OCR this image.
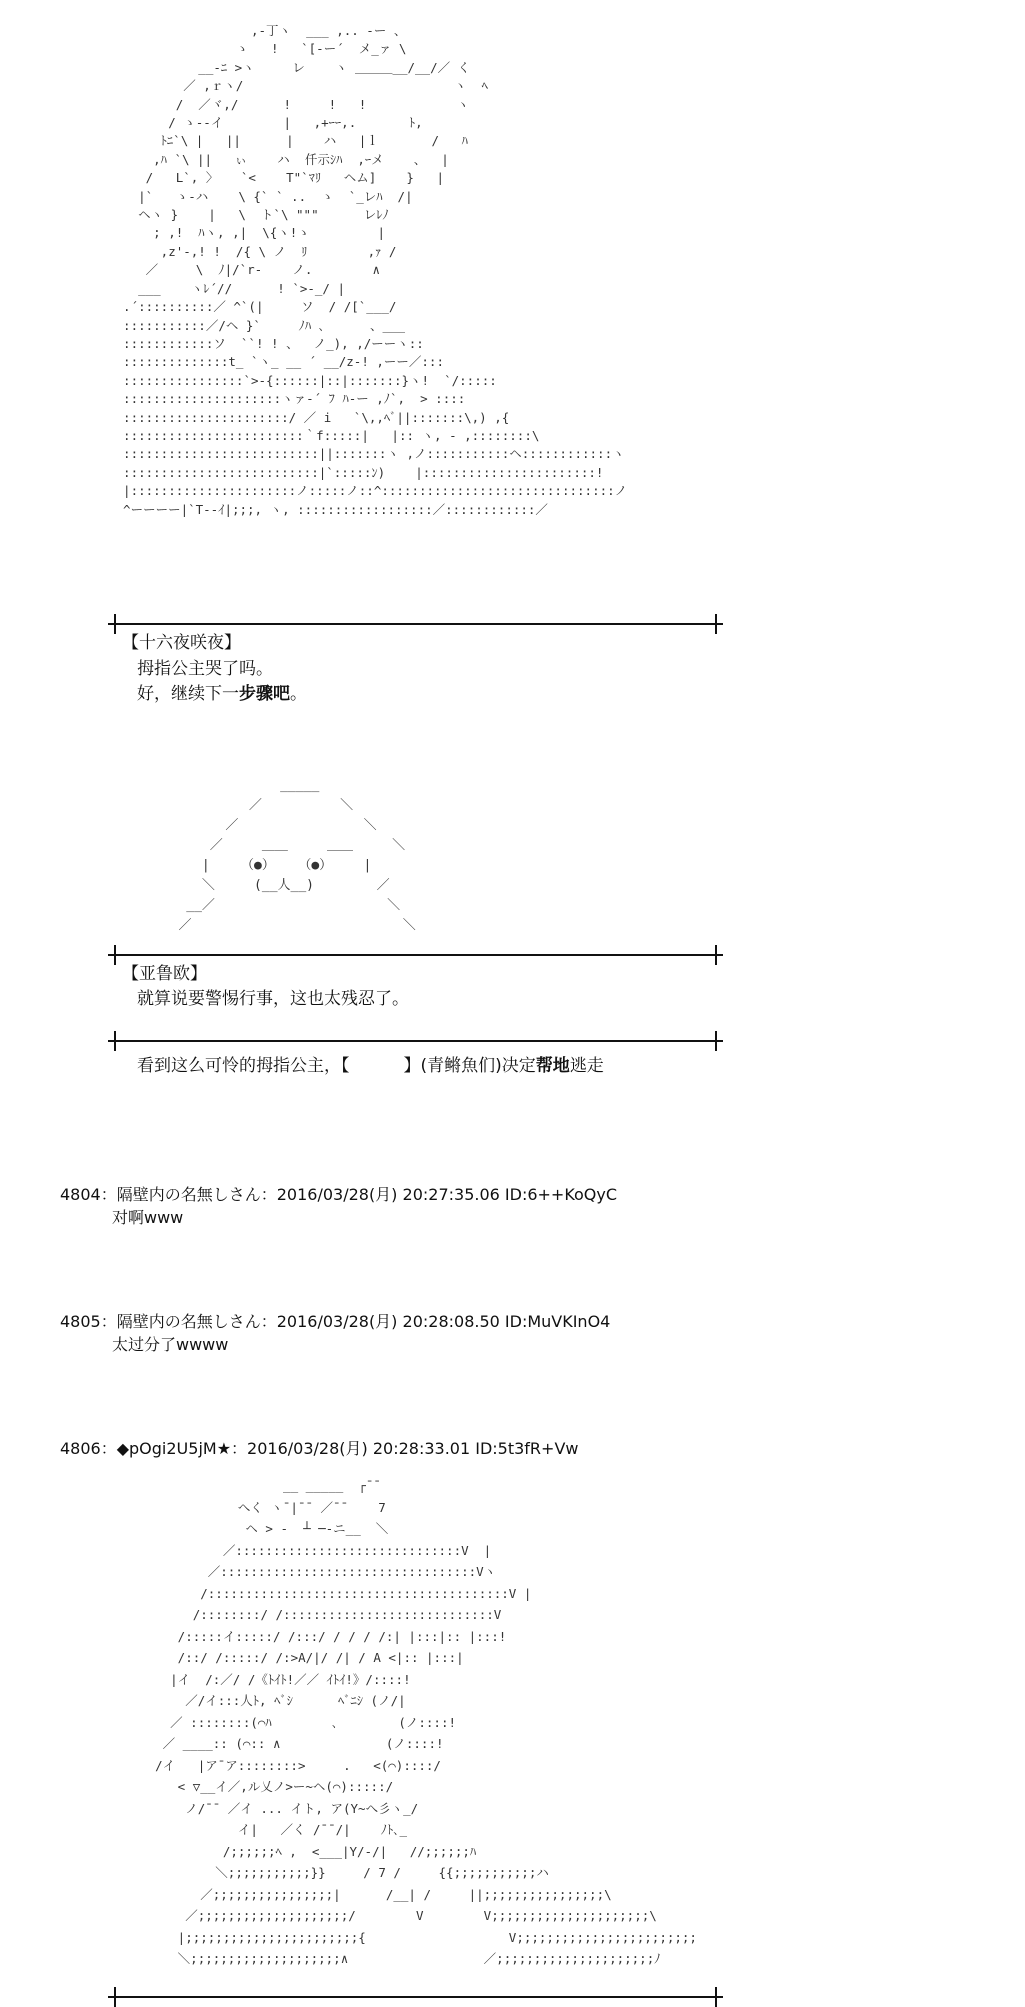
,-丁ヽ  ___ ,.. -ー 、
ゝ   !   `[-ー´  メ_ァ \
__-ﾆ >ヽ     レ    ヽ ＿＿＿__/__/／ く
／ ,ｒヽ/                            ヽ  ﾍ
/  ／ヾ,/      !     !   !            ヽ
/ ゝ--イ        |   ,+ｰｰ,.       ﾄ,
ﾄﾆ`\ |   ||      |    ハ   |ｌ       /   ﾊ
,ﾊ `\ ||   ぃ    ハ  仟示ｼﾊ  ,ｰメ    、  |
/   L`, 〉   `<    T"`ﾏﾘ   ヘム]    }   |
|`   ゝ-ハ    \ {` ` ..  ゝ  `_レﾊ  /|
ヘヽ }    |   \  ト`\ """      レﾚﾉ
; ,!  ﾊヽ, ,|  \{ヽ!ゝ         |
,z'-,! !  /{ \ ノ  ﾘ        ,ｧ /
／     \  ﾉ|/`r-    ノ.        ∧
___    ヽﾚ´//      ! `>-_/ |
.´::::::::::／ ^`(|     ソ  / /[`___/
:::::::::::／/ヘ }`     ﾉﾊ ､      、___
::::::::::::ソ  ``! ! 、  ノ_), ,/ーーヽ::
::::::::::::::t_ `ヽ_ __ ´ __/z-! ,ーー／:::
::::::::::::::::`>-{::::::|::|:::::::}ヽ!  `/:::::
:::::::::::::::::::::ヽァ-´ ﾌ ﾊ-ー ,ﾉ`,  > ::::
::::::::::::::::::::::/ ／ i   `\,,ﾍﾞ||:::::::\,) ,{
::::::::::::::::::::::::｀f:::::|   |:: ヽ, - ,::::::::\
::::::::::::::::::::::::::||:::::::ヽ ,ノ:::::::::::ヘ::::::::::::ヽ
::::::::::::::::::::::::::|`:::::ﾝ)    |:::::::::::::::::::::::!
|::::::::::::::::::::::ノ:::::ノ::^:::::::::::::::::::::::::::::::ノ
^ーーーー|`T--ｲ|;;;, ヽ, ::::::::::::::::::／::::::::::::／
【十六夜咲夜】
拇指公主哭了吗。
好，继续下一步骤吧。
_____
／          ＼
／                ＼
／     ＿＿     ＿＿     ＼
|    （●）   （●）    |
＼     (__人__)        ／
__／                      ＼
／                           ＼
【亚鲁欧】
就算说要警惕行事，这也太残忍了。
看到这么可怜的拇指公主，【	】(青鳉魚们)决定帮地逃走
4804：隔壁内の名無しさん：2016/03/28(月) 20:27:35.06 ID:6++KoQyC
对啊www
4805：隔壁内の名無しさん：2016/03/28(月) 20:28:08.50 ID:MuVKInO4
太过分了wwww
4806：◆pOgi2U5jM★：2016/03/28(月) 20:28:33.01 ID:5t3fR+Vw
__ _____  ┌¯¯
へく ヽ¯|¯¯ ／¯¯    7
ヘ > -  ┴ ─-ニ__  ＼
／::::::::::::::::::::::::::::::V  |
／::::::::::::::::::::::::::::::::::Vヽ
/::::::::::::::::::::::::::::::::::::::::V |
/::::::::/ /::::::::::::::::::::::::::::V
/:::::イ:::::/ /:::/ / / / /:| |:::|:: |:::!
/::/ /:::::/ /:>A/|/ /| / A <|:: |:::|
|イ  /:／/ /《ﾄｲﾄ!／／ ｲﾄｲ!》/::::!
／/イ:::人ﾄ, ﾍﾞｼ      ﾍﾞﾆｼ (ノ/|
／ ::::::::(⌒ﾊ        ､        (ノ::::!
／ ____:: (⌒:: ∧              (ノ::::!
/イ   |ア¯ア::::::::>     .   <(⌒)::::/
< ▽__イ／,ル乂ノ>ー~ヘ(⌒):::::/
ノ/¯¯ ／イ ... イト, ア(Y~へ彡ヽ_/
イ|   ／く /¯¯/|    ﾉﾄ､_
/;;;;;;ﾍ ,  <___|Y/-/|   //;;;;;;ﾊ
＼;;;;;;;;;;;}}     / 7 /     {{;;;;;;;;;;;ハ
／;;;;;;;;;;;;;;;;|      /__| /     ||;;;;;;;;;;;;;;;;\
／;;;;;;;;;;;;;;;;;;;;/        V        V;;;;;;;;;;;;;;;;;;;;;\
|;;;;;;;;;;;;;;;;;;;;;;;{                   V;;;;;;;;;;;;;;;;;;;;;;;;
＼;;;;;;;;;;;;;;;;;;;;∧                  ／;;;;;;;;;;;;;;;;;;;;;ﾉ
